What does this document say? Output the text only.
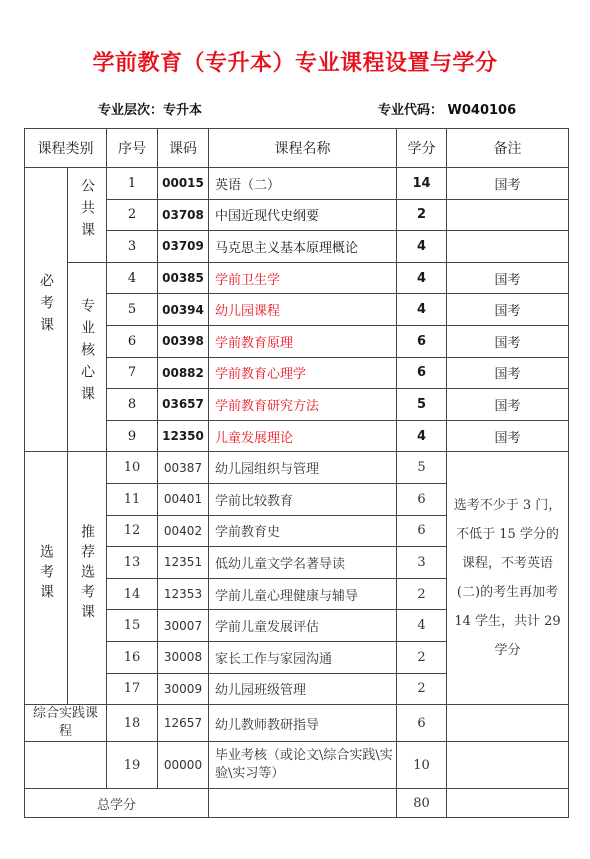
学前教育（专升本）专业课程设置与学分
专业层次：专升本	专业代码： W040106
课程类别		序号	课码	课程名称	学分	备注
必考课	公共课	1	00015	英语（二）	14	国考
		2	03708	中国近现代史纲要	2	
		3	03709	马克思主义基本原理概论	4	
	专业核心课	4	00385	学前卫生学	4	国考
		5	00394	幼儿园课程	4	国考
		6	00398	学前教育原理	6	国考
		7	00882	学前教育心理学	6	国考
		8	03657	学前教育研究方法	5	国考
		9	12350	儿童发展理论	4	国考
选考课	推荐选考课	10	00387	幼儿园组织与管理	5	选考不少于 3 门，不低于 15 学分的课程，不考英语(二)的考生再加考 14 学生，共计 29 学分
		11	00401	学前比较教育	6	
		12	00402	学前教育史	6	
		13	12351	低幼儿童文学名著导读	3	
		14	12353	学前儿童心理健康与辅导	2	
		15	30007	学前儿童发展评估	4	
		16	30008	家长工作与家园沟通	2	
		17	30009	幼儿园班级管理	2	
综合实践课程		18	12657	幼儿教师教研指导	6	
		19	00000	毕业考核（或论文\综合实践\实验\实习等）	10	
总学分					80	
